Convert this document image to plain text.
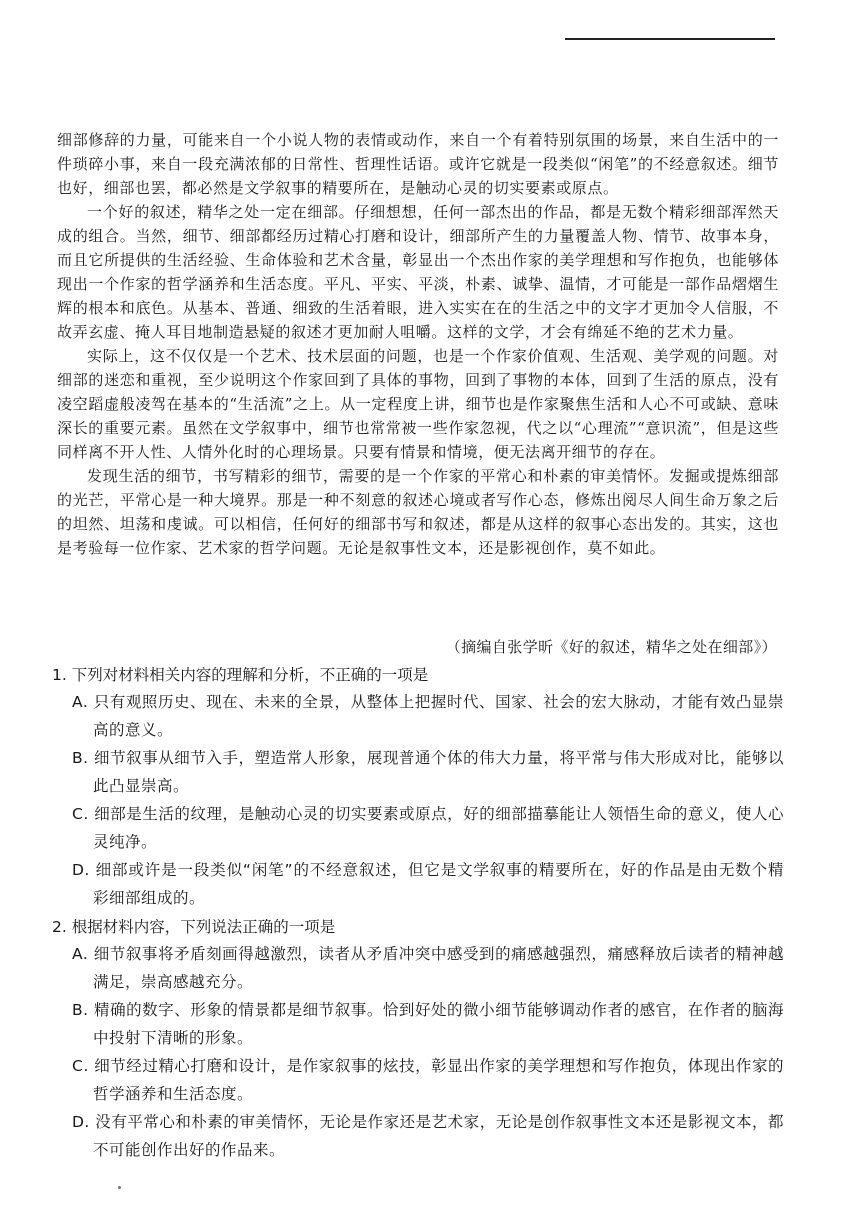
细部修辞的力量，可能来自一个小说人物的表情或动作，来自一个有着特别氛围的场景，来自生活中的一件琐碎小事，来自一段充满浓郁的日常性、哲理性话语。或许它就是一段类似“闲笔”的不经意叙述。细节也好，细部也罢，都必然是文学叙事的精要所在，是触动心灵的切实要素或原点。

一个好的叙述，精华之处一定在细部。仔细想想，任何一部杰出的作品，都是无数个精彩细部浑然天成的组合。当然，细节、细部都经历过精心打磨和设计，细部所产生的力量覆盖人物、情节、故事本身，而且它所提供的生活经验、生命体验和艺术含量，彰显出一个杰出作家的美学理想和写作抱负，也能够体现出一个作家的哲学涵养和生活态度。平凡、平实、平淡，朴素、诚挚、温情，才可能是一部作品熠熠生辉的根本和底色。从基本、普通、细致的生活着眼，进入实实在在的生活之中的文字才更加令人信服，不故弄玄虚、掩人耳目地制造悬疑的叙述才更加耐人咀嚼。这样的文学，才会有绵延不绝的艺术力量。

实际上，这不仅仅是一个艺术、技术层面的问题，也是一个作家价值观、生活观、美学观的问题。对细部的迷恋和重视，至少说明这个作家回到了具体的事物，回到了事物的本体，回到了生活的原点，没有凌空蹈虚般凌驾在基本的“生活流”之上。从一定程度上讲，细节也是作家聚焦生活和人心不可或缺、意味深长的重要元素。虽然在文学叙事中，细节也常常被一些作家忽视，代之以“心理流”“意识流”，但是这些同样离不开人性、人情外化时的心理场景。只要有情景和情境，便无法离开细节的存在。

发现生活的细节，书写精彩的细节，需要的是一个作家的平常心和朴素的审美情怀。发掘或提炼细部的光芒，平常心是一种大境界。那是一种不刻意的叙述心境或者写作心态，修炼出阅尽人间生命万象之后的坦然、坦荡和虔诚。可以相信，任何好的细部书写和叙述，都是从这样的叙事心态出发的。其实，这也是考验每一位作家、艺术家的哲学问题。无论是叙事性文本，还是影视创作，莫不如此。

（摘编自张学昕《好的叙述，精华之处在细部》）

1. 下列对材料相关内容的理解和分析，不正确的一项是

A. 只有观照历史、现在、未来的全景，从整体上把握时代、国家、社会的宏大脉动，才能有效凸显崇高的意义。

B. 细节叙事从细节入手，塑造常人形象，展现普通个体的伟大力量，将平常与伟大形成对比，能够以此凸显崇高。

C. 细部是生活的纹理，是触动心灵的切实要素或原点，好的细部描摹能让人领悟生命的意义，使人心灵纯净。

D. 细部或许是一段类似“闲笔”的不经意叙述，但它是文学叙事的精要所在，好的作品是由无数个精彩细部组成的。

2. 根据材料内容，下列说法正确的一项是

A. 细节叙事将矛盾刻画得越激烈，读者从矛盾冲突中感受到的痛感越强烈，痛感释放后读者的精神越满足，崇高感越充分。

B. 精确的数字、形象的情景都是细节叙事。恰到好处的微小细节能够调动作者的感官，在作者的脑海中投射下清晰的形象。

C. 细节经过精心打磨和设计，是作家叙事的炫技，彰显出作家的美学理想和写作抱负，体现出作家的哲学涵养和生活态度。

D. 没有平常心和朴素的审美情怀，无论是作家还是艺术家，无论是创作叙事性文本还是影视文本，都不可能创作出好的作品来。
